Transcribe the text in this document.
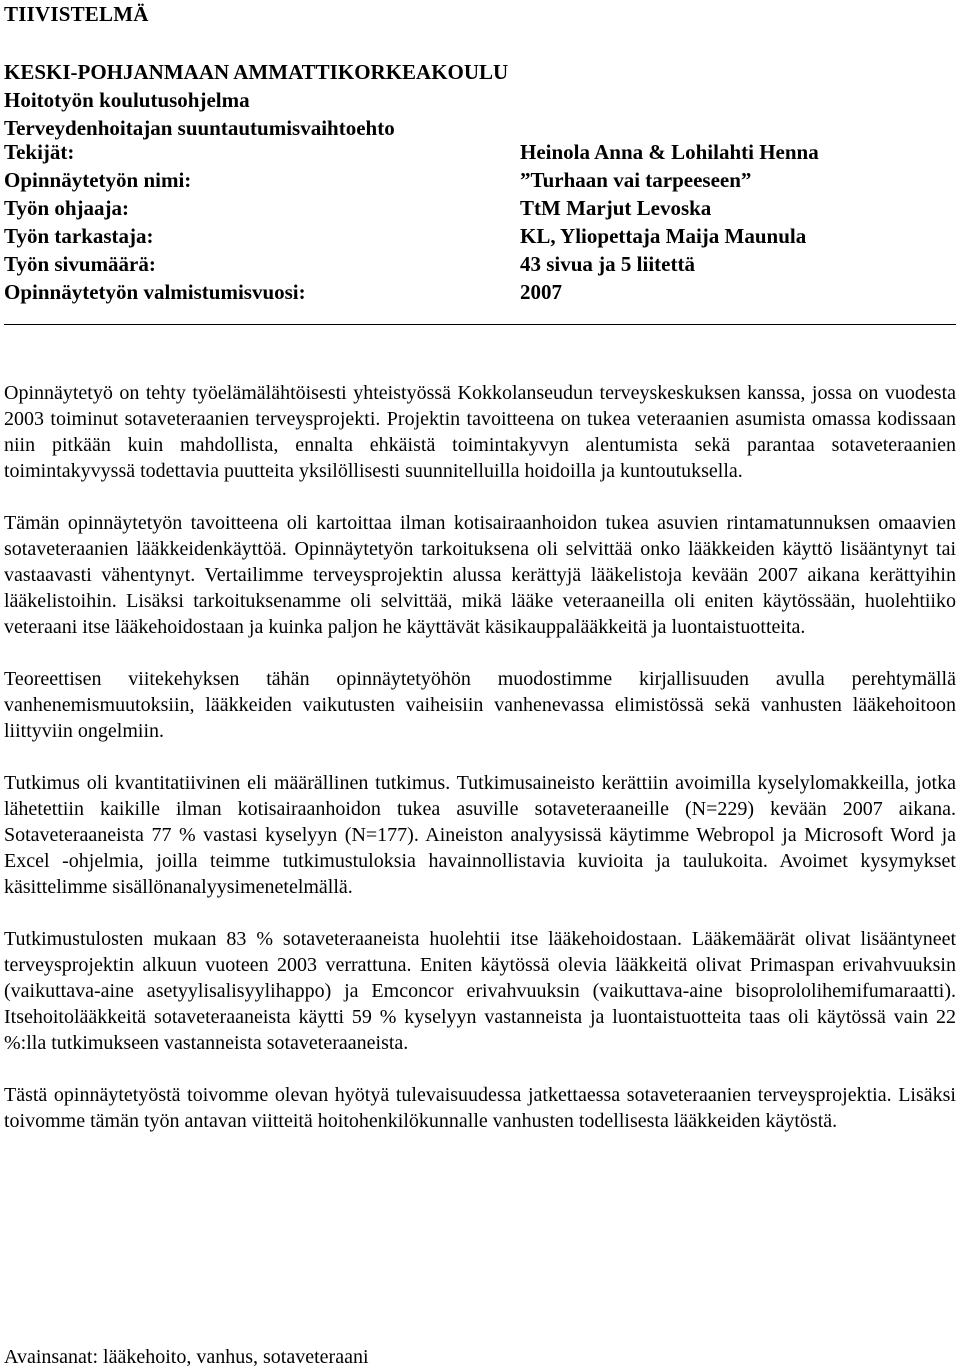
TIIVISTELMÄ
KESKI-POHJANMAAN AMMATTIKORKEAKOULU
Hoitotyön koulutusohjelma
Terveydenhoitajan suuntautumisvaihtoehto
Tekijät:	Heinola Anna & Lohilahti Henna
Opinnäytetyön nimi:	”Turhaan vai tarpeeseen”
Työn ohjaaja:	TtM Marjut Levoska
Työn tarkastaja:	KL, Yliopettaja Maija Maunula
Työn sivumäärä:	43 sivua ja 5 liitettä
Opinnäytetyön valmistumisvuosi:	2007

Opinnäytetyö on tehty työelämälähtöisesti yhteistyössä Kokkolanseudun terveyskeskuksen kanssa, jossa on vuodesta 2003 toiminut sotaveteraanien terveysprojekti. Projektin tavoitteena on tukea veteraanien asumista omassa kodissaan niin pitkään kuin mahdollista, ennalta ehkäistä toimintakyvyn alentumista sekä parantaa sotaveteraanien toimintakyvyssä todettavia puutteita yksilöllisesti suunnitelluilla hoidoilla ja kuntoutuksella.

Tämän opinnäytetyön tavoitteena oli kartoittaa ilman kotisairaanhoidon tukea asuvien rintamatunnuksen omaavien sotaveteraanien lääkkeidenkäyttöä. Opinnäytetyön tarkoituksena oli selvittää onko lääkkeiden käyttö lisääntynyt tai vastaavasti vähentynyt. Vertailimme terveysprojektin alussa kerättyjä lääkelistoja kevään 2007 aikana kerättyihin lääkelistoihin. Lisäksi tarkoituksenamme oli selvittää, mikä lääke veteraaneilla oli eniten käytössään, huolehtiiko veteraani itse lääkehoidostaan ja kuinka paljon he käyttävät käsikauppalääkkeitä ja luontaistuotteita.

Teoreettisen viitekehyksen tähän opinnäytetyöhön muodostimme kirjallisuuden avulla perehtymällä vanhenemismuutoksiin, lääkkeiden vaikutusten vaiheisiin vanhenevassa elimistössä sekä vanhusten lääkehoitoon liittyviin ongelmiin.

Tutkimus oli kvantitatiivinen eli määrällinen tutkimus. Tutkimusaineisto kerättiin avoimilla kyselylomakkeilla, jotka lähetettiin kaikille ilman kotisairaanhoidon tukea asuville sotaveteraaneille (N=229) kevään 2007 aikana. Sotaveteraaneista 77 % vastasi kyselyyn (N=177). Aineiston analyysissä käytimme Webropol ja Microsoft Word ja Excel -ohjelmia, joilla teimme tutkimustuloksia havainnollistavia kuvioita ja taulukoita. Avoimet kysymykset käsittelimme sisällönanalyysimenetelmällä.

Tutkimustulosten mukaan 83 % sotaveteraaneista huolehtii itse lääkehoidostaan. Lääkemäärät olivat lisääntyneet terveysprojektin alkuun vuoteen 2003 verrattuna. Eniten käytössä olevia lääkkeitä olivat Primaspan erivahvuuksin (vaikuttava-aine asetyylisalisyylihappo) ja Emconcor erivahvuuksin (vaikuttava-aine bisoprololihemifumaraatti). Itsehoitolääkkeitä sotaveteraaneista käytti 59 % kyselyyn vastanneista ja luontaistuotteita taas oli käytössä vain 22 %:lla tutkimukseen vastanneista sotaveteraaneista.

Tästä opinnäytetyöstä toivomme olevan hyötyä tulevaisuudessa jatkettaessa sotaveteraanien terveysprojektia. Lisäksi toivomme tämän työn antavan viitteitä hoitohenkilökunnalle vanhusten todellisesta lääkkeiden käytöstä.

Avainsanat: lääkehoito, vanhus, sotaveteraani
